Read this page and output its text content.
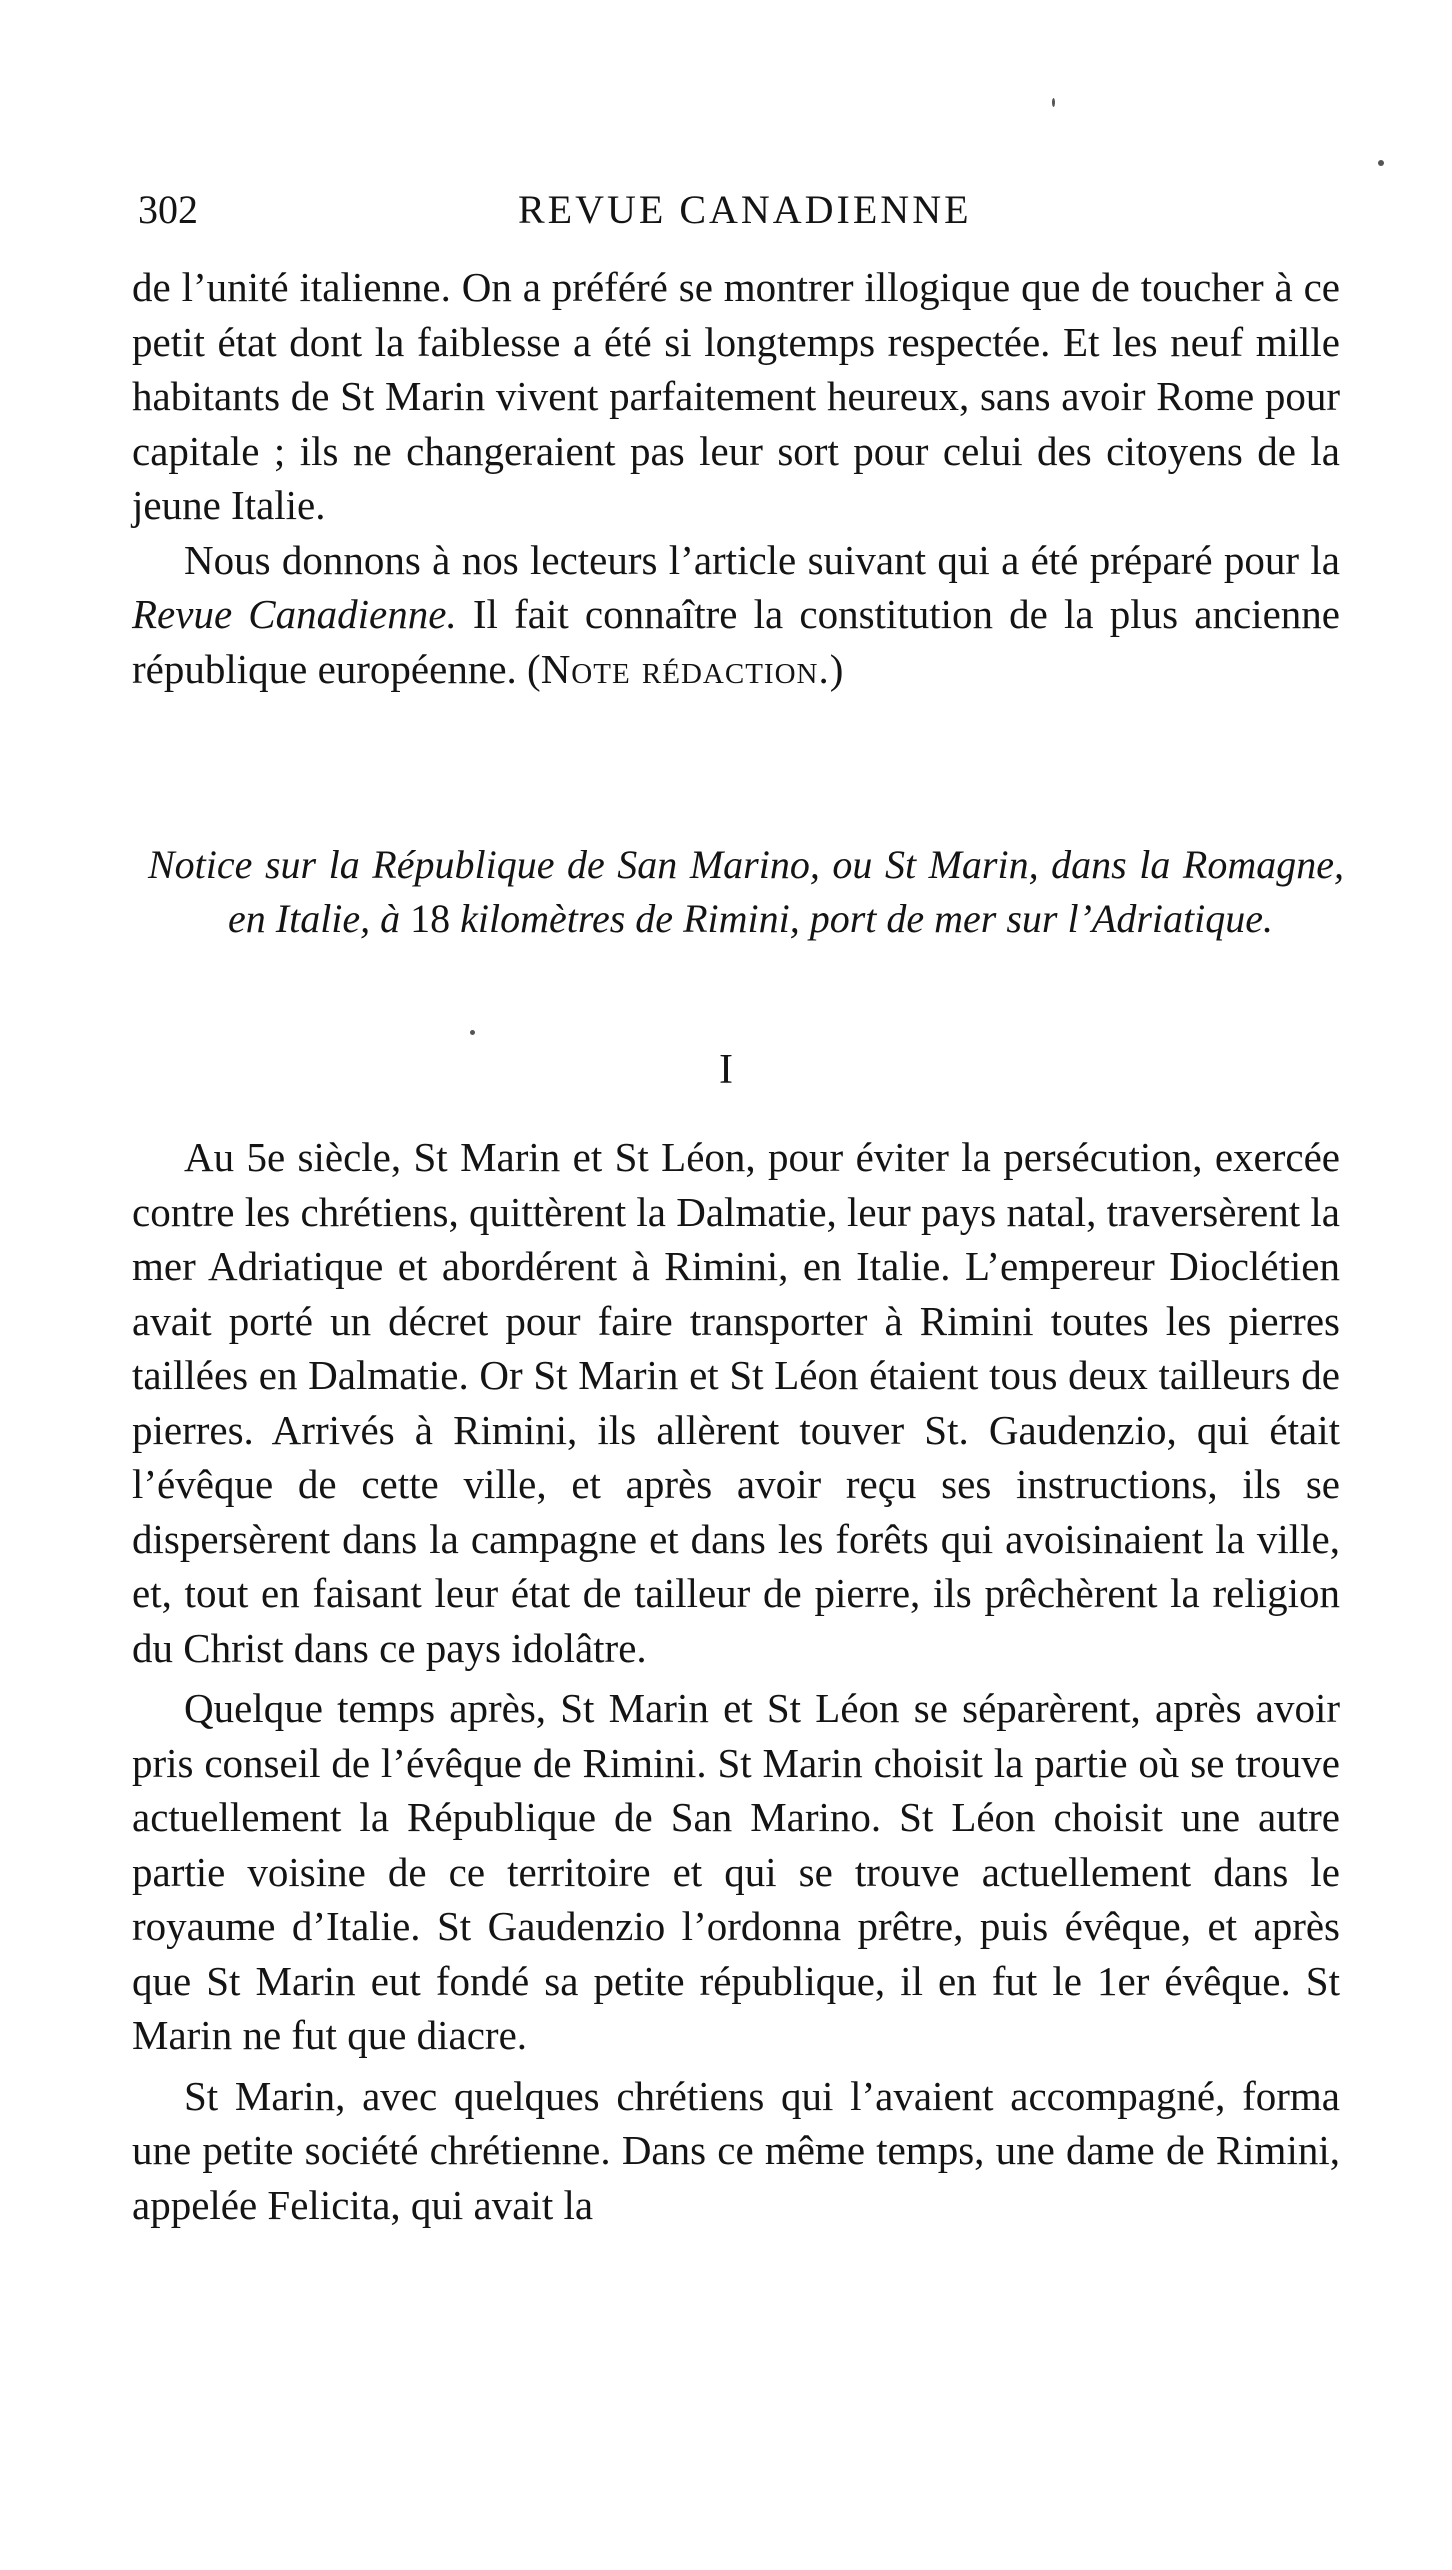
302	REVUE CANADIENNE

de l’unité italienne. On a préféré se montrer illogique que de toucher à ce petit état dont la faiblesse a été si longtemps respectée. Et les neuf mille habitants de St Marin vivent parfaitement heureux, sans avoir Rome pour capitale ; ils ne changeraient pas leur sort pour celui des citoyens de la jeune Italie.

Nous donnons à nos lecteurs l’article suivant qui a été préparé pour la Revue Canadienne. Il fait connaître la constitution de la plus ancienne république européenne. (Note rédaction.)

Notice sur la République de San Marino, ou St Marin, dans la Romagne, en Italie, à 18 kilomètres de Rimini, port de mer sur l’Adriatique.
I

Au 5e siècle, St Marin et St Léon, pour éviter la persécution, exercée contre les chrétiens, quittèrent la Dalmatie, leur pays natal, traversèrent la mer Adriatique et abordérent à Rimini, en Italie. L’empereur Dioclétien avait porté un décret pour faire transporter à Rimini toutes les pierres taillées en Dalmatie. Or St Marin et St Léon étaient tous deux tailleurs de pierres. Arrivés à Rimini, ils allèrent touver St. Gaudenzio, qui était l’évêque de cette ville, et après avoir reçu ses instructions, ils se dispersèrent dans la campagne et dans les forêts qui avoisinaient la ville, et, tout en faisant leur état de tailleur de pierre, ils prêchèrent la religion du Christ dans ce pays idolâtre.

Quelque temps après, St Marin et St Léon se séparèrent, après avoir pris conseil de l’évêque de Rimini. St Marin choisit la partie où se trouve actuellement la République de San Marino. St Léon choisit une autre partie voisine de ce territoire et qui se trouve actuellement dans le royaume d’Italie. St Gaudenzio l’ordonna prêtre, puis évêque, et après que St Marin eut fondé sa petite république, il en fut le 1er évêque. St Marin ne fut que diacre.

St Marin, avec quelques chrétiens qui l’avaient accompagné, forma une petite société chrétienne. Dans ce même temps, une dame de Rimini, appelée Felicita, qui avait la
